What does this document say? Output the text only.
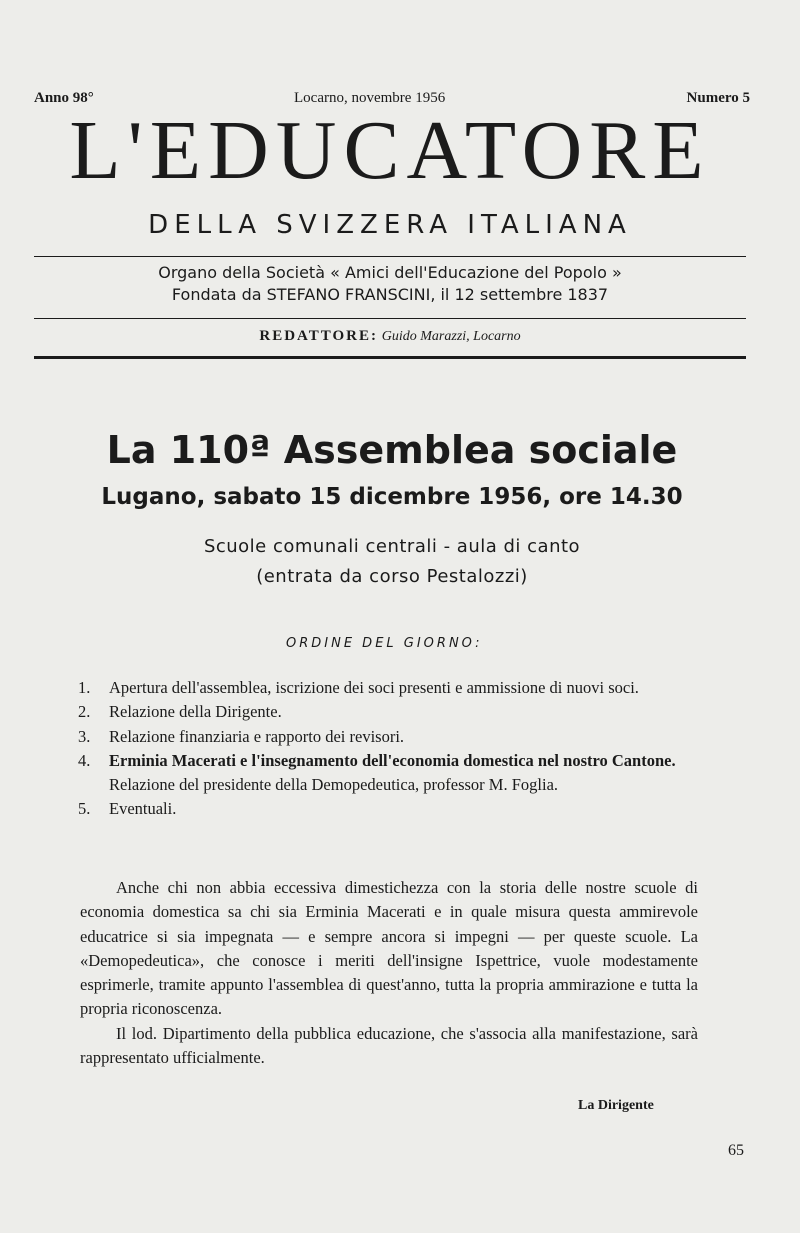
Anno 98°	Locarno, novembre 1956	Numero 5
L'EDUCATORE
DELLA SVIZZERA ITALIANA
Organo della Società « Amici dell'Educazione del Popolo »
Fondata da STEFANO FRANSCINI, il 12 settembre 1837
REDATTORE: Guido Marazzi, Locarno
La 110ª Assemblea sociale
Lugano, sabato 15 dicembre 1956, ore 14.30
Scuole comunali centrali - aula di canto
(entrata da corso Pestalozzi)
ORDINE DEL GIORNO:
1. Apertura dell'assemblea, iscrizione dei soci presenti e ammissione di nuovi soci.
2. Relazione della Dirigente.
3. Relazione finanziaria e rapporto dei revisori.
4. Erminia Macerati e l'insegnamento dell'economia domestica nel nostro Cantone. Relazione del presidente della Demopedeutica, professor M. Foglia.
5. Eventuali.

Anche chi non abbia eccessiva dimestichezza con la storia delle nostre scuole di economia domestica sa chi sia Erminia Macerati e in quale misura questa ammirevole educatrice si sia impegnata — e sempre ancora si impegni — per queste scuole. La «Demopedeutica», che conosce i meriti dell'insigne Ispettrice, vuole modestamente esprimerle, tramite appunto l'assemblea di quest'anno, tutta la propria ammirazione e tutta la propria riconoscenza.

Il lod. Dipartimento della pubblica educazione, che s'associa alla manifestazione, sarà rappresentato ufficialmente.

La Dirigente
65
